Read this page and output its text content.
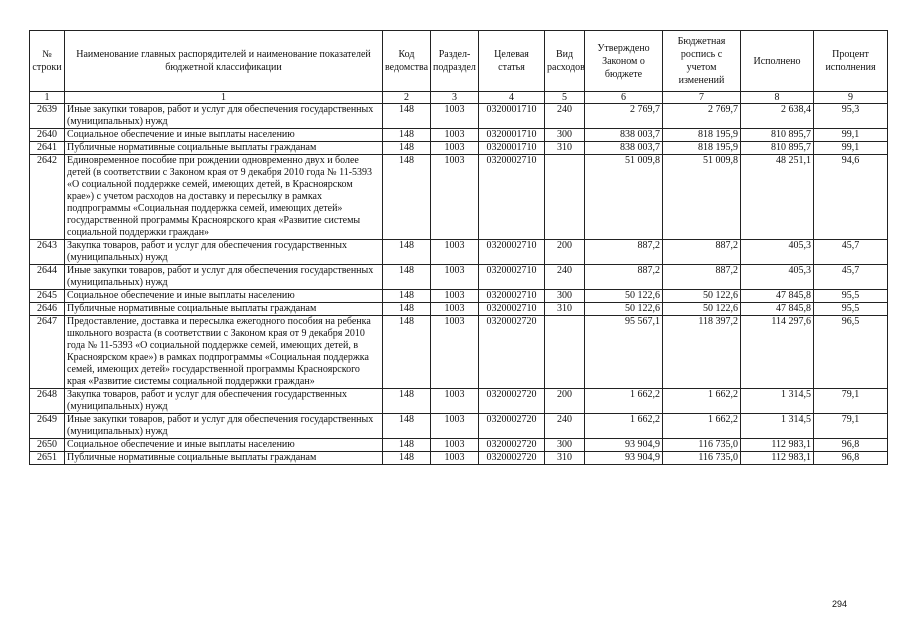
№ строки	Наименование главных распорядителей и наименование показателей бюджетной классификации	Код ведомства	Раздел-подраздел	Целевая статья	Вид расходов	Утверждено Законом о бюджете	Бюджетная роспись с учетом изменений	Исполнено	Процент исполнения
1	1	2	3	4	5	6	7	8	9
2639	Иные закупки товаров, работ и услуг для обеспечения государственных (муниципальных) нужд	148	1003	0320001710	240	2 769,7	2 769,7	2 638,4	95,3
2640	Социальное обеспечение и иные выплаты населению	148	1003	0320001710	300	838 003,7	818 195,9	810 895,7	99,1
2641	Публичные нормативные социальные выплаты гражданам	148	1003	0320001710	310	838 003,7	818 195,9	810 895,7	99,1
2642	Единовременное пособие при рождении одновременно двух и более детей (в соответствии с Законом края от 9 декабря 2010 года № 11-5393 «О социальной поддержке семей, имеющих детей, в Красноярском крае») с учетом расходов на доставку и пересылку в рамках подпрограммы «Социальная поддержка семей, имеющих детей» государственной программы Красноярского края «Развитие системы социальной поддержки граждан»	148	1003	0320002710		51 009,8	51 009,8	48 251,1	94,6
2643	Закупка товаров, работ и услуг для обеспечения государственных (муниципальных) нужд	148	1003	0320002710	200	887,2	887,2	405,3	45,7
2644	Иные закупки товаров, работ и услуг для обеспечения государственных (муниципальных) нужд	148	1003	0320002710	240	887,2	887,2	405,3	45,7
2645	Социальное обеспечение и иные выплаты населению	148	1003	0320002710	300	50 122,6	50 122,6	47 845,8	95,5
2646	Публичные нормативные социальные выплаты гражданам	148	1003	0320002710	310	50 122,6	50 122,6	47 845,8	95,5
2647	Предоставление, доставка и пересылка ежегодного пособия на ребенка школьного возраста (в соответствии с Законом края от 9 декабря 2010 года № 11-5393 «О социальной поддержке семей, имеющих детей, в Красноярском крае») в рамках подпрограммы «Социальная поддержка семей, имеющих детей» государственной программы Красноярского края «Развитие системы социальной поддержки граждан»	148	1003	0320002720		95 567,1	118 397,2	114 297,6	96,5
2648	Закупка товаров, работ и услуг для обеспечения государственных (муниципальных) нужд	148	1003	0320002720	200	1 662,2	1 662,2	1 314,5	79,1
2649	Иные закупки товаров, работ и услуг для обеспечения государственных (муниципальных) нужд	148	1003	0320002720	240	1 662,2	1 662,2	1 314,5	79,1
2650	Социальное обеспечение и иные выплаты населению	148	1003	0320002720	300	93 904,9	116 735,0	112 983,1	96,8
2651	Публичные нормативные социальные выплаты гражданам	148	1003	0320002720	310	93 904,9	116 735,0	112 983,1	96,8
294
